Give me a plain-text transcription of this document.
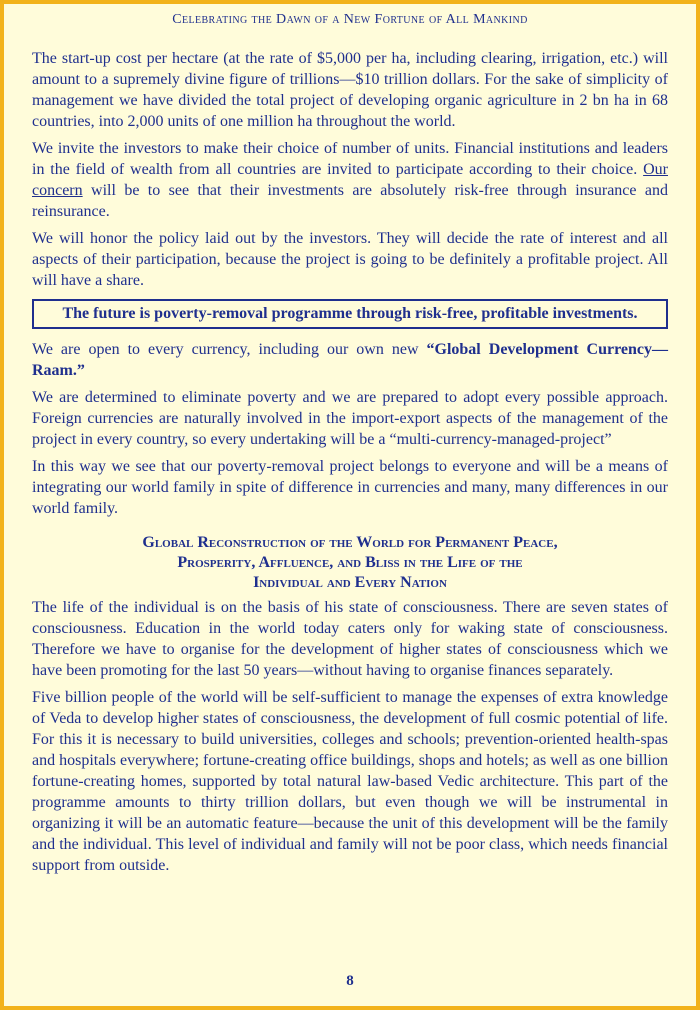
Celebrating the Dawn of a New Fortune of All Mankind

The start-up cost per hectare (at the rate of $5,000 per ha, including clearing, irrigation, etc.) will amount to a supremely divine figure of trillions—$10 trillion dollars. For the sake of simplicity of management we have divided the total project of developing organic agriculture in 2 bn ha in 68 countries, into 2,000 units of one million ha throughout the world.

We invite the investors to make their choice of number of units. Financial institutions and leaders in the field of wealth from all countries are invited to participate according to their choice. Our concern will be to see that their investments are absolutely risk-free through insurance and reinsurance.

We will honor the policy laid out by the investors. They will decide the rate of interest and all aspects of their participation, because the project is going to be definitely a profitable project. All will have a share.

The future is poverty-removal programme through risk-free, profitable investments.

We are open to every currency, including our own new “Global Development Currency—Raam.”

We are determined to eliminate poverty and we are prepared to adopt every possible approach. Foreign currencies are naturally involved in the import-export aspects of the management of the project in every country, so every undertaking will be a “multi-currency-managed-project”

In this way we see that our poverty-removal project belongs to everyone and will be a means of integrating our world family in spite of difference in currencies and many, many differences in our world family.

Global Reconstruction of the World for Permanent Peace,
Prosperity, Affluence, and Bliss in the Life of the
Individual and Every Nation

The life of the individual is on the basis of his state of consciousness. There are seven states of consciousness. Education in the world today caters only for waking state of consciousness. Therefore we have to organise for the development of higher states of consciousness which we have been promoting for the last 50 years—without having to organise finances separately.

Five billion people of the world will be self-sufficient to manage the expenses of extra knowledge of Veda to develop higher states of consciousness, the development of full cosmic potential of life. For this it is necessary to build universities, colleges and schools; prevention-oriented health-spas and hospitals everywhere; fortune-creating office buildings, shops and hotels; as well as one billion fortune-creating homes, supported by total natural law-based Vedic architecture. This part of the programme amounts to thirty trillion dollars, but even though we will be instrumental in organizing it will be an automatic feature—because the unit of this development will be the family and the individual. This level of individual and family will not be poor class, which needs financial support from outside.

8
